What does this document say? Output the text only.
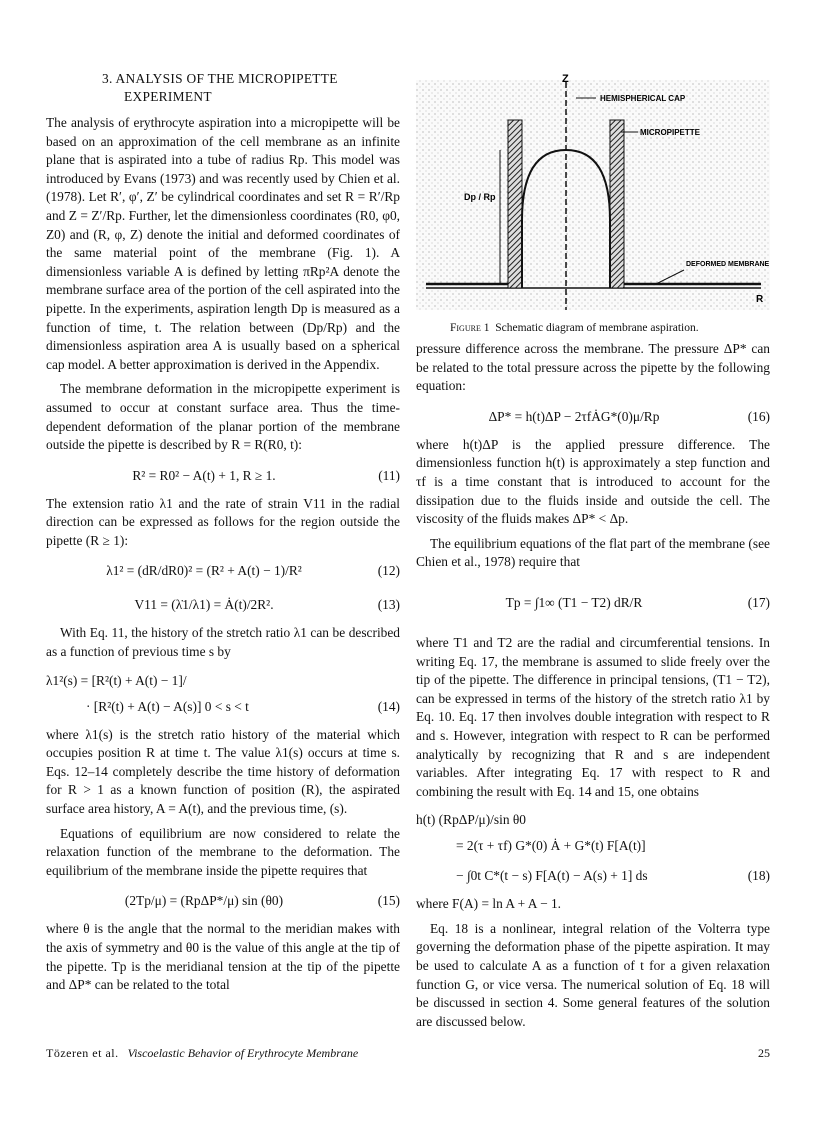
3. ANALYSIS OF THE MICROPIPETTE
EXPERIMENT

The analysis of erythrocyte aspiration into a micropipette will be based on an approximation of the cell membrane as an infinite plane that is aspirated into a tube of radius Rp. This model was introduced by Evans (1973) and was recently used by Chien et al. (1978). Let R′, φ′, Z′ be cylindrical coordinates and set R = R′/Rp and Z = Z′/Rp. Further, let the dimensionless coordinates (R0, φ0, Z0) and (R, φ, Z) denote the initial and deformed coordinates of the same material point of the membrane (Fig. 1). A dimensionless variable A is defined by letting πRp²A denote the membrane surface area of the portion of the cell aspirated into the pipette. In the experiments, aspiration length Dp is measured as a function of time, t. The relation between (Dp/Rp) and the dimensionless aspiration area A is usually based on a spherical cap model. A better approximation is derived in the Appendix.

The membrane deformation in the micropipette experiment is assumed to occur at constant surface area. Thus the time-dependent deformation of the planar portion of the membrane outside the pipette is described by R = R(R0, t):

R² = R0² − A(t) + 1, R ≥ 1.	(11)

The extension ratio λ1 and the rate of strain V11 in the radial direction can be expressed as follows for the region outside the pipette (R ≥ 1):

λ1² = (dR/dR0)² = (R² + A(t) − 1)/R²	(12)
V11 = (λ̇1/λ1) = Ȧ(t)/2R².	(13)

With Eq. 11, the history of the stretch ratio λ1 can be described as a function of previous time s by

λ1²(s) = [R²(t) + A(t) − 1]/
· [R²(t) + A(t) − A(s)] 0 < s < t	(14)

where λ1(s) is the stretch ratio history of the material which occupies position R at time t. The value λ1(s) occurs at time s. Eqs. 12–14 completely describe the time history of deformation for R > 1 as a known function of position (R), the aspirated surface area history, A = A(t), and the previous time, (s).

Equations of equilibrium are now considered to relate the relaxation function of the membrane to the deformation. The equilibrium of the membrane inside the pipette requires that

(2Tp/μ) = (RpΔP*/μ) sin (θ0)	(15)

where θ is the angle that the normal to the meridian makes with the axis of symmetry and θ0 is the value of this angle at the tip of the pipette. Tp is the meridianal tension at the tip of the pipette and ΔP* can be related to the total

Z
HEMISPHERICAL CAP
MICROPIPETTE
Dp / Rp
DEFORMED MEMBRANE
R
Figure 1 Schematic diagram of membrane aspiration.

pressure difference across the membrane. The pressure ΔP* can be related to the total pressure across the pipette by the following equation:

ΔP* = h(t)ΔP − 2τfȦG*(0)μ/Rp	(16)

where h(t)ΔP is the applied pressure difference. The dimensionless function h(t) is approximately a step function and τf is a time constant that is introduced to account for the dissipation due to the fluids inside and outside the cell. The viscosity of the fluids makes ΔP* < Δp.

The equilibrium equations of the flat part of the membrane (see Chien et al., 1978) require that

Tp = ∫1∞ (T1 − T2) dR/R	(17)

where T1 and T2 are the radial and circumferential tensions. In writing Eq. 17, the membrane is assumed to slide freely over the tip of the pipette. The difference in principal tensions, (T1 − T2), can be expressed in terms of the history of the stretch ratio λ1 by Eq. 10. Eq. 17 then involves double integration with respect to R and s. However, integration with respect to R can be performed analytically by recognizing that R and s are independent variables. After integrating Eq. 17 with respect to R and combining the result with Eq. 14 and 15, one obtains

h(t) (RpΔP/μ)/sin θ0
= 2(τ + τf) G*(0) Ȧ + G*(t) F[A(t)]
− ∫0t C*(t − s) F[A(t) − A(s) + 1] ds	(18)

where F(A) = ln A + A − 1.

Eq. 18 is a nonlinear, integral relation of the Volterra type governing the deformation phase of the pipette aspiration. It may be used to calculate A as a function of t for a given relaxation function G, or vice versa. The numerical solution of Eq. 18 will be discussed in section 4. Some general features of the solution are discussed below.

Tözeren et al. Viscoelastic Behavior of Erythrocyte Membrane	25
